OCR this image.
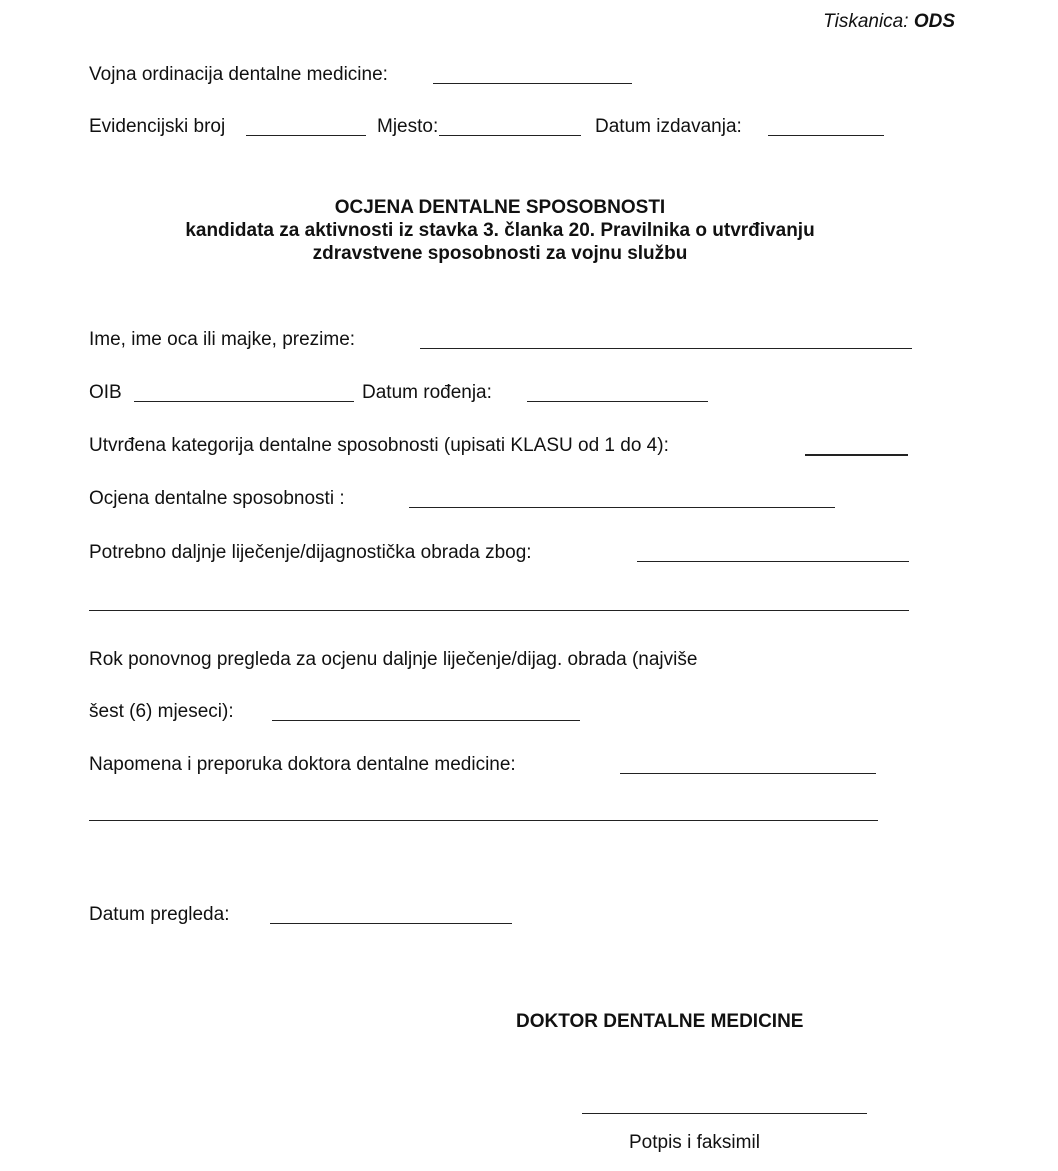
Tiskanica: ODS
Vojna ordinacija dentalne medicine:
Evidencijski broj	Mjesto:	Datum izdavanja:
OCJENA DENTALNE SPOSOBNOSTI
kandidata za aktivnosti iz stavka 3. članka 20. Pravilnika o utvrđivanju
zdravstvene sposobnosti za vojnu službu
Ime, ime oca ili majke, prezime:
OIB	Datum rođenja:
Utvrđena kategorija dentalne sposobnosti (upisati KLASU od 1 do 4):
Ocjena dentalne sposobnosti :
Potrebno daljnje liječenje/dijagnostička obrada zbog:
Rok ponovnog pregleda za ocjenu daljnje liječenje/dijag. obrada (najviše
šest (6) mjeseci):
Napomena i preporuka doktora dentalne medicine:
Datum pregleda:
DOKTOR DENTALNE MEDICINE
Potpis i faksimil
